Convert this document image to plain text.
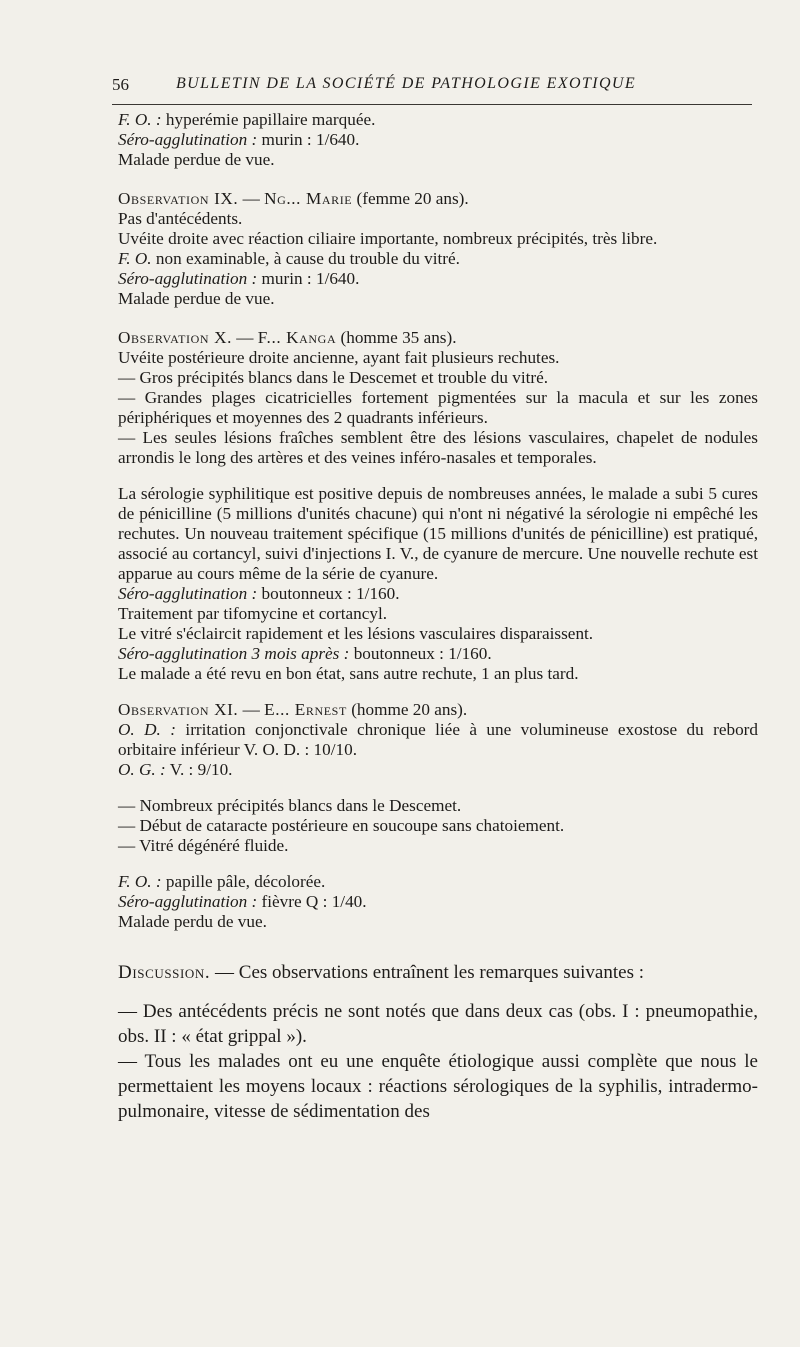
56	BULLETIN DE LA SOCIÉTÉ DE PATHOLOGIE EXOTIQUE

F. O. : hyperémie papillaire marquée.

Séro-agglutination : murin : 1/640.

Malade perdue de vue.

Observation IX. — Ng... Marie (femme 20 ans).

Pas d'antécédents.

Uvéite droite avec réaction ciliaire importante, nombreux précipités, très libre.

F. O. non examinable, à cause du trouble du vitré.

Séro-agglutination : murin : 1/640.

Malade perdue de vue.

Observation X. — F... Kanga (homme 35 ans).

Uvéite postérieure droite ancienne, ayant fait plusieurs rechutes.

— Gros précipités blancs dans le Descemet et trouble du vitré.

— Grandes plages cicatricielles fortement pigmentées sur la macula et sur les zones périphériques et moyennes des 2 quadrants inférieurs.

— Les seules lésions fraîches semblent être des lésions vasculaires, chapelet de nodules arrondis le long des artères et des veines inféro-nasales et temporales.

La sérologie syphilitique est positive depuis de nombreuses années, le malade a subi 5 cures de pénicilline (5 millions d'unités chacune) qui n'ont ni négativé la sérologie ni empêché les rechutes. Un nouveau traitement spécifique (15 millions d'unités de pénicilline) est pratiqué, associé au cortancyl, suivi d'injections I. V., de cyanure de mercure. Une nouvelle rechute est apparue au cours même de la série de cyanure.

Séro-agglutination : boutonneux : 1/160.

Traitement par tifomycine et cortancyl.

Le vitré s'éclaircit rapidement et les lésions vasculaires disparaissent.

Séro-agglutination 3 mois après : boutonneux : 1/160.

Le malade a été revu en bon état, sans autre rechute, 1 an plus tard.

Observation XI. — E... Ernest (homme 20 ans).

O. D. : irritation conjonctivale chronique liée à une volumineuse exostose du rebord orbitaire inférieur V. O. D. : 10/10.

O. G. : V. : 9/10.

— Nombreux précipités blancs dans le Descemet.

— Début de cataracte postérieure en soucoupe sans chatoiement.

— Vitré dégénéré fluide.

F. O. : papille pâle, décolorée.

Séro-agglutination : fièvre Q : 1/40.

Malade perdu de vue.

Discussion. — Ces observations entraînent les remarques suivantes :

— Des antécédents précis ne sont notés que dans deux cas (obs. I : pneumopathie, obs. II : « état grippal »).

— Tous les malades ont eu une enquête étiologique aussi complète que nous le permettaient les moyens locaux : réactions sérologiques de la syphilis, intradermo-pulmonaire, vitesse de sédimentation des
